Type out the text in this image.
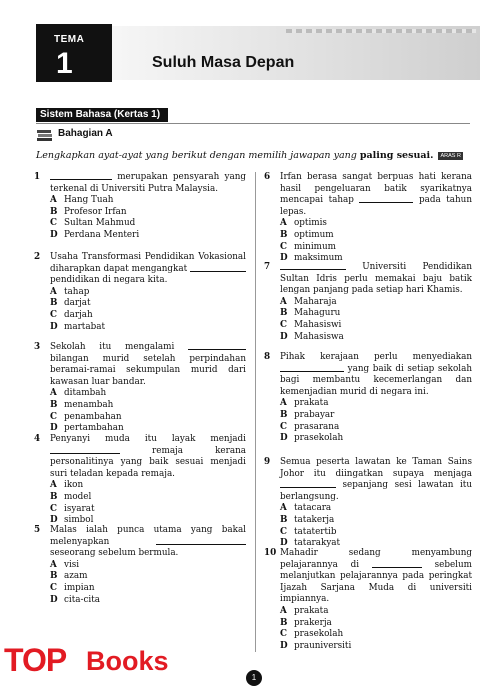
TEMA
1	Suluh Masa Depan
Sistem Bahasa (Kertas 1) //
Bahagian A
Lengkapkan ayat-ayat yang berikut dengan memilih jawapan yang paling sesuai. ARAS R
1	merupakan pensyarah yang terkenal di Universiti Putra Malaysia.
A Hang Tuah
B Profesor Irfan
C Sultan Mahmud
D Perdana Menteri
2 Usaha Transformasi Pendidikan Vokasional diharapkan dapat mengangkat  pendidikan di negara kita.
A tahap
B darjat
C darjah
D martabat
3 Sekolah itu mengalami  bilangan murid setelah perpindahan beramai-ramai sekumpulan murid dari kawasan luar bandar.
A ditambah
B menambah
C penambahan
D pertambahan
4 Penyanyi muda itu layak menjadi  remaja kerana personalitinya yang baik sesuai menjadi suri teladan kepada remaja.
A ikon
B model
C isyarat
D simbol
5 Malas ialah punca utama yang bakal melenyapkan  seseorang sebelum bermula.
A visi
B azam
C impian
D cita-cita
6 Irfan berasa sangat berpuas hati kerana hasil pengeluaran batik syarikatnya mencapai tahap	pada tahun lepas.
A optimis
B optimum
C minimum
D maksimum
7	Universiti Pendidikan Sultan Idris perlu memakai baju batik lengan panjang pada setiap hari Khamis.
A Maharaja
B Mahaguru
C Mahasiswi
D Mahasiswa
8 Pihak kerajaan perlu menyediakan  yang baik di setiap sekolah bagi membantu kecemerlangan dan kemenjadian murid di negara ini.
A prakata
B prabayar
C prasarana
D prasekolah
9 Semua peserta lawatan ke Taman Sains Johor itu diingatkan supaya menjaga  sepanjang sesi lawatan itu berlangsung.
A tatacara
B tatakerja
C tatatertib
D tatarakyat
10 Mahadir sedang menyambung pelajarannya di	sebelum melanjutkan pelajarannya pada peringkat Ijazah Sarjana Muda di universiti impiannya.
A prakata
B prakerja
C prasekolah
D prauniversiti
1
TOP Books
